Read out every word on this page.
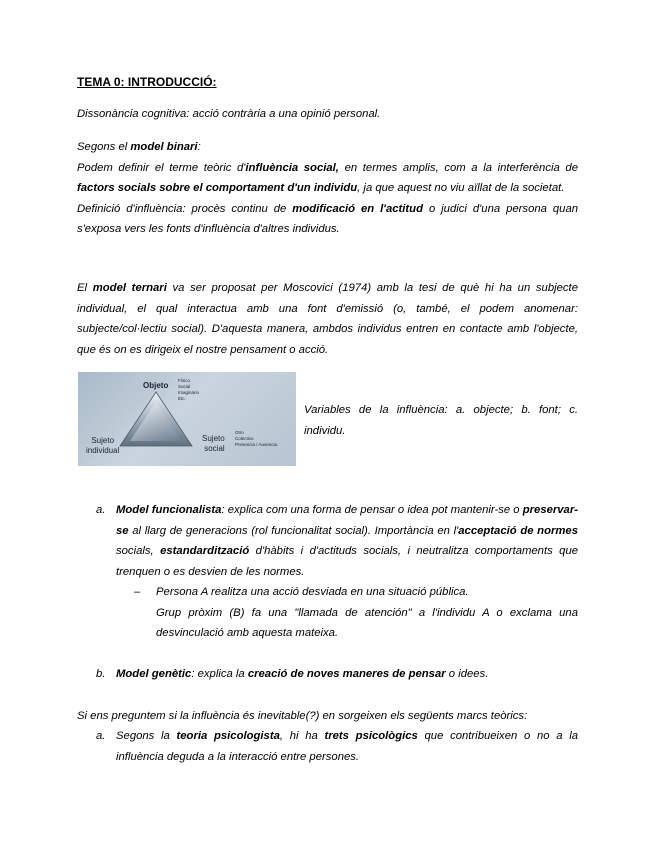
TEMA 0: INTRODUCCIÓ:

Dissonància cognitiva: acció contrària a una opinió personal.

Segons el model binari:
Podem definir el terme teòric d'influència social, en termes amplis, com a la interferència de factors socials sobre el comportament d'un individu, ja que aquest no viu aïllat de la societat.
Definició d'influència: procès continu de modificació en l'actitud o judici d'una persona quan s'exposa vers les fonts d'influència d'altres individus.

El model ternari va ser proposat per Moscovici (1974) amb la tesi de què hi ha un subjecte individual, el qual interactua amb una font d'emissió (o, també, el podem anomenar: subjecte/col·lectiu social). D'aquesta manera, ambdos individus entren en contacte amb l'objecte, que és on es dirigeix el nostre pensament o acció.

Objeto
Físico
Social
Imaginario
Etc.
Sujeto
individual
Sujeto
social
Otro
Colectivo
Presencia / Ausencia

Variables de la influència: a. objecte; b. font; c. individu.

a. Model funcionalista: explica com una forma de pensar o idea pot mantenir-se o preservar-se al llarg de generacions (rol funcionalitat social). Importància en l'acceptació de normes socials, estandardització d'hàbits i d'actituds socials, i neutralitza comportaments que trenquen o es desvien de les normes.

– Persona A realitza una acció desviada en una situació pública.
Grup pròxim (B) fa una "llamada de atención" a l'individu A o exclama una desvinculació amb aquesta mateixa.

b. Model genètic: explica la creació de noves maneres de pensar o idees.

Si ens preguntem si la influència és inevitable(?) en sorgeixen els següents marcs teòrics:

a. Segons la teoria psicologista, hi ha trets psicològics que contribueixen o no a la influència deguda a la interacció entre persones.
